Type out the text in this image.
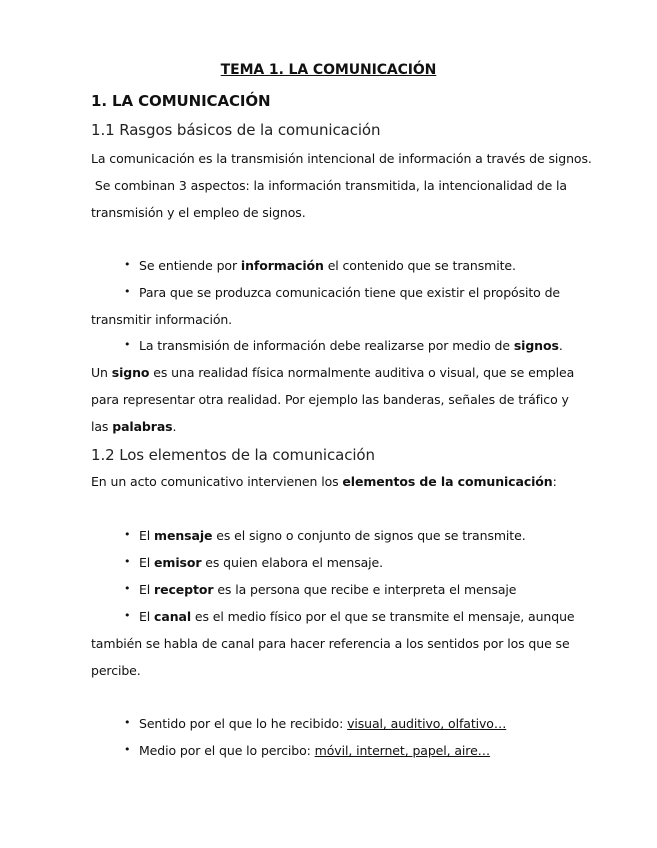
TEMA 1. LA COMUNICACIÓN
1. LA COMUNICACIÓN
1.1 Rasgos básicos de la comunicación
La comunicación es la transmisión intencional de información a través de signos.
Se combinan 3 aspectos: la información transmitida, la intencionalidad de la
transmisión y el empleo de signos.
• Se entiende por información el contenido que se transmite.
• Para que se produzca comunicación tiene que existir el propósito de
transmitir información.
• La transmisión de información debe realizarse por medio de signos.
Un signo es una realidad física normalmente auditiva o visual, que se emplea
para representar otra realidad. Por ejemplo las banderas, señales de tráfico y
las palabras.
1.2 Los elementos de la comunicación
En un acto comunicativo intervienen los elementos de la comunicación:
• El mensaje es el signo o conjunto de signos que se transmite.
• El emisor es quien elabora el mensaje.
• El receptor es la persona que recibe e interpreta el mensaje
• El canal es el medio físico por el que se transmite el mensaje, aunque
también se habla de canal para hacer referencia a los sentidos por los que se
percibe.
• Sentido por el que lo he recibido: visual, auditivo, olfativo…
• Medio por el que lo percibo: móvil, internet, papel, aire…
